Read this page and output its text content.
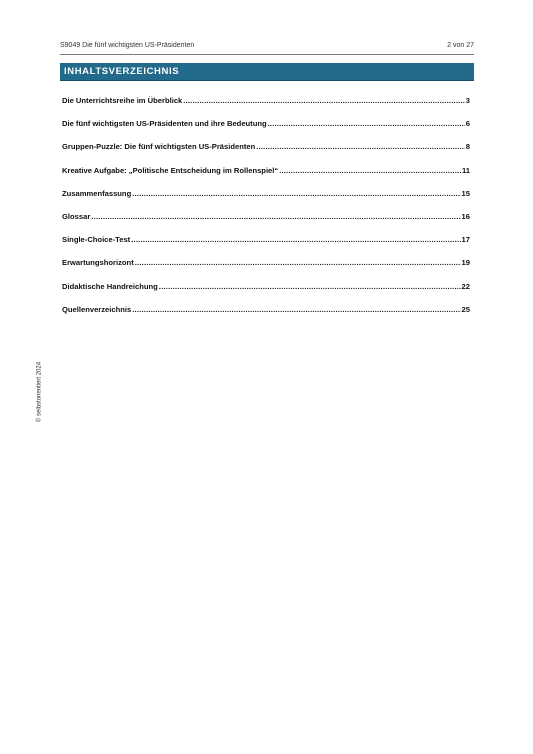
S9049 Die fünf wichtigsten US-Präsidenten	2 von 27
INHALTSVERZEICHNIS
Die Unterrichtsreihe im Überblick .....	3
Die fünf wichtigsten US-Präsidenten und ihre Bedeutung .....	6
Gruppen-Puzzle: Die fünf wichtigsten US-Präsidenten .....	8
Kreative Aufgabe: „Politische Entscheidung im Rollenspiel“ .....	11
Zusammenfassung .....	15
Glossar .....	16
Single-Choice-Test .....	17
Erwartungshorizont .....	19
Didaktische Handreichung .....	22
Quellenverzeichnis .....	25
© selbstorientiert 2024
